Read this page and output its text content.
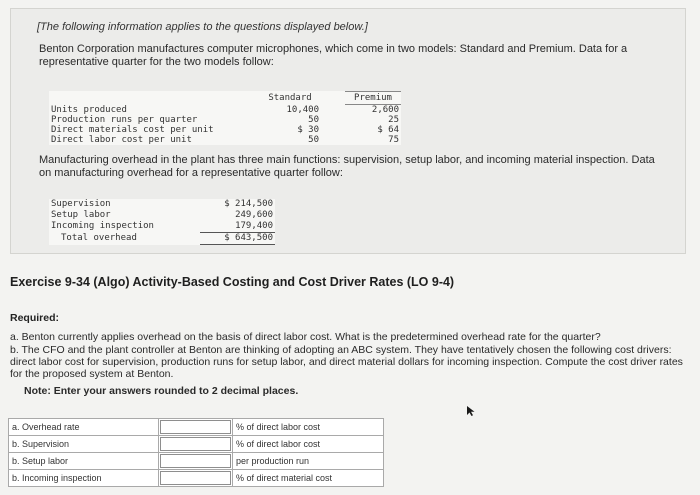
[The following information applies to the questions displayed below.]
Benton Corporation manufactures computer microphones, which come in two models: Standard and Premium. Data for a representative quarter for the two models follow:
	Standard		Premium
Units produced	10,400		2,600
Production runs per quarter	50		25
Direct materials cost per unit	$ 30		$ 64
Direct labor cost per unit	50		75
Manufacturing overhead in the plant has three main functions: supervision, setup labor, and incoming material inspection. Data on manufacturing overhead for a representative quarter follow:
Supervision	$ 214,500
Setup labor	249,600
Incoming inspection	179,400
Total overhead	$ 643,500
Exercise 9-34 (Algo) Activity-Based Costing and Cost Driver Rates (LO 9-4)
Required:
a. Benton currently applies overhead on the basis of direct labor cost. What is the predetermined overhead rate for the quarter?
b. The CFO and the plant controller at Benton are thinking of adopting an ABC system. They have tentatively chosen the following cost drivers: direct labor cost for supervision, production runs for setup labor, and direct material dollars for incoming inspection. Compute the cost driver rates for the proposed system at Benton.
Note: Enter your answers rounded to 2 decimal places.
a. Overhead rate		% of direct labor cost
b. Supervision		% of direct labor cost
b. Setup labor		per production run
b. Incoming inspection		% of direct material cost
